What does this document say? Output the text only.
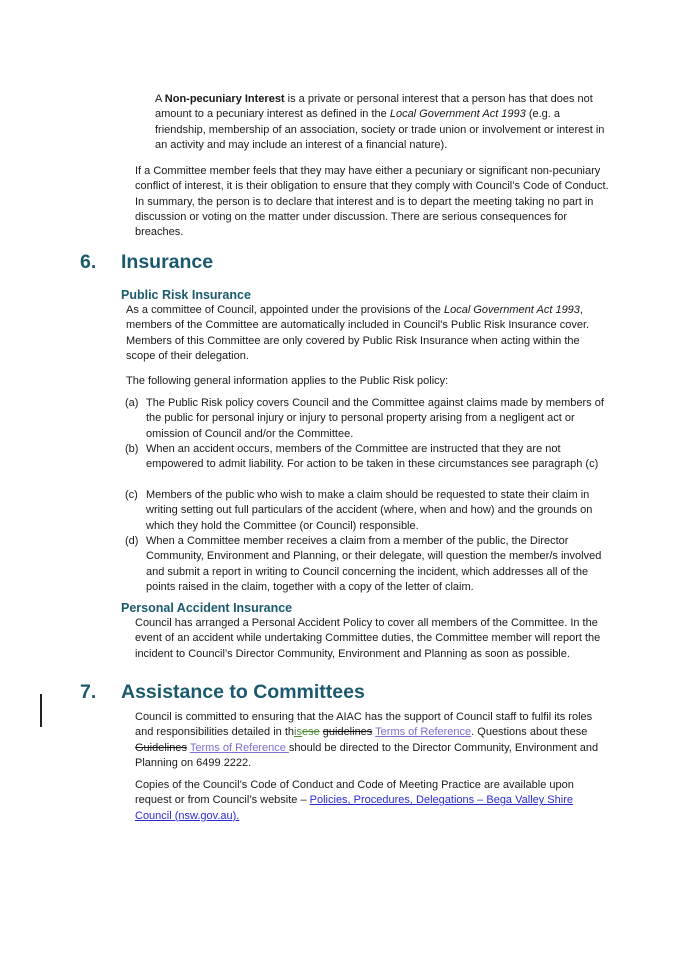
A Non-pecuniary Interest is a private or personal interest that a person has that does not amount to a pecuniary interest as defined in the Local Government Act 1993 (e.g. a friendship, membership of an association, society or trade union or involvement or interest in an activity and may include an interest of a financial nature).

If a Committee member feels that they may have either a pecuniary or significant non-pecuniary conflict of interest, it is their obligation to ensure that they comply with Council’s Code of Conduct. In summary, the person is to declare that interest and is to depart the meeting taking no part in discussion or voting on the matter under discussion. There are serious consequences for breaches.

6. Insurance
Public Risk Insurance

As a committee of Council, appointed under the provisions of the Local Government Act 1993, members of the Committee are automatically included in Council's Public Risk Insurance cover. Members of this Committee are only covered by Public Risk Insurance when acting within the scope of their delegation.

The following general information applies to the Public Risk policy:

(a) The Public Risk policy covers Council and the Committee against claims made by members of the public for personal injury or injury to personal property arising from a negligent act or omission of Council and/or the Committee.
(b) When an accident occurs, members of the Committee are instructed that they are not empowered to admit liability. For action to be taken in these circumstances see paragraph (c)
(c) Members of the public who wish to make a claim should be requested to state their claim in writing setting out full particulars of the accident (where, when and how) and the grounds on which they hold the Committee (or Council) responsible.
(d) When a Committee member receives a claim from a member of the public, the Director Community, Environment and Planning, or their delegate, will question the member/s involved and submit a report in writing to Council concerning the incident, which addresses all of the points raised in the claim, together with a copy of the letter of claim.
Personal Accident Insurance

Council has arranged a Personal Accident Policy to cover all members of the Committee. In the event of an accident while undertaking Committee duties, the Committee member will report the incident to Council’s Director Community, Environment and Planning as soon as possible.

7. Assistance to Committees

Council is committed to ensuring that the AIAC has the support of Council staff to fulfil its roles and responsibilities detailed in thisese guidelines Terms of Reference. Questions about these Guidelines Terms of Reference should be directed to the Director Community, Environment and Planning on 6499 2222.

Copies of the Council’s Code of Conduct and Code of Meeting Practice are available upon request or from Council’s website – Policies, Procedures, Delegations – Bega Valley Shire Council (nsw.gov.au).
